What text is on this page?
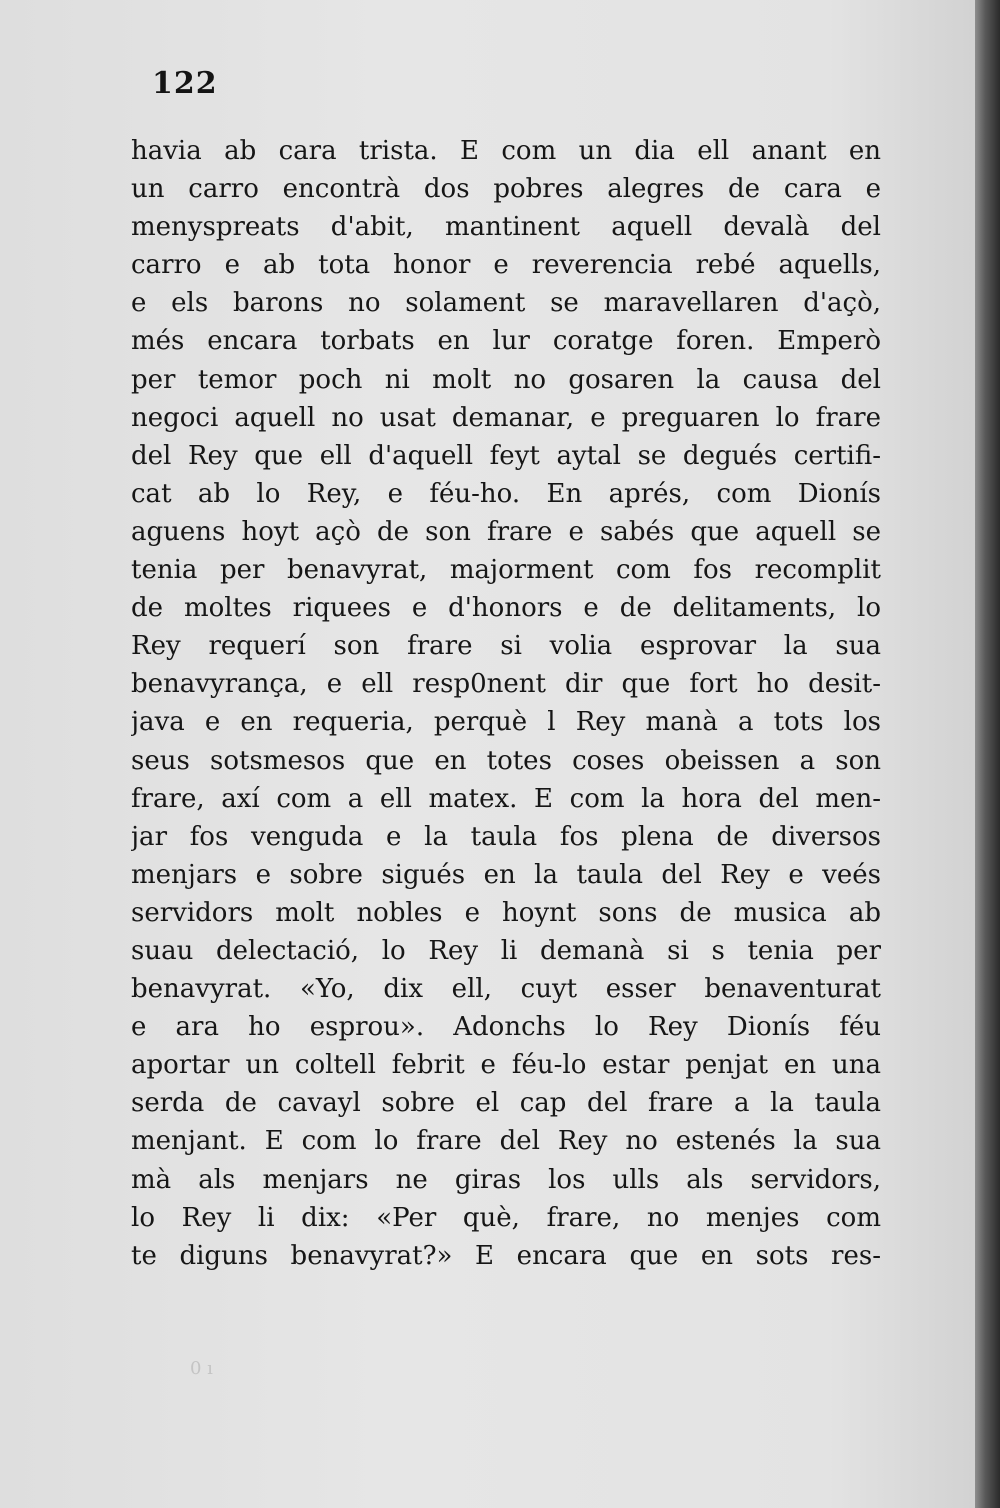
122
havia ab cara trista. E com un dia ell anant en
un carro encontrà dos pobres alegres de cara e
menyspreats d'abit, mantinent aquell devalà del
carro e ab tota honor e reverencia rebé aquells,
e els barons no solament se maravellaren d'açò,
més encara torbats en lur coratge foren. Emperò
per temor poch ni molt no gosaren la causa del
negoci aquell no usat demanar, e preguaren lo frare
del Rey que ell d'aquell feyt aytal se degués certifi-
cat ab lo Rey, e féu-ho. En aprés, com Dionís
aguens hoyt açò de son frare e sabés que aquell se
tenia per benavyrat, majorment com fos recomplit
de moltes riquees e d'honors e de delitaments, lo
Rey requerí son frare si volia esprovar la sua
benavyrança, e ell resp0nent dir que fort ho desit-
java e en requeria, perquè l Rey manà a tots los
seus sotsmesos que en totes coses obeissen a son
frare, axí com a ell matex. E com la hora del men-
jar fos venguda e la taula fos plena de diversos
menjars e sobre sigués en la taula del Rey e veés
servidors molt nobles e hoynt sons de musica ab
suau delectació, lo Rey li demanà si s tenia per
benavyrat. «Yo, dix ell, cuyt esser benaventurat
e ara ho esprou». Adonchs lo Rey Dionís féu
aportar un coltell febrit e féu-lo estar penjat en una
serda de cavayl sobre el cap del frare a la taula
menjant. E com lo frare del Rey no estenés la sua
mà als menjars ne giras los ulls als servidors,
lo Rey li dix: «Per què, frare, no menjes com
te diguns benavyrat?» E encara que en sots res-
0 ı
